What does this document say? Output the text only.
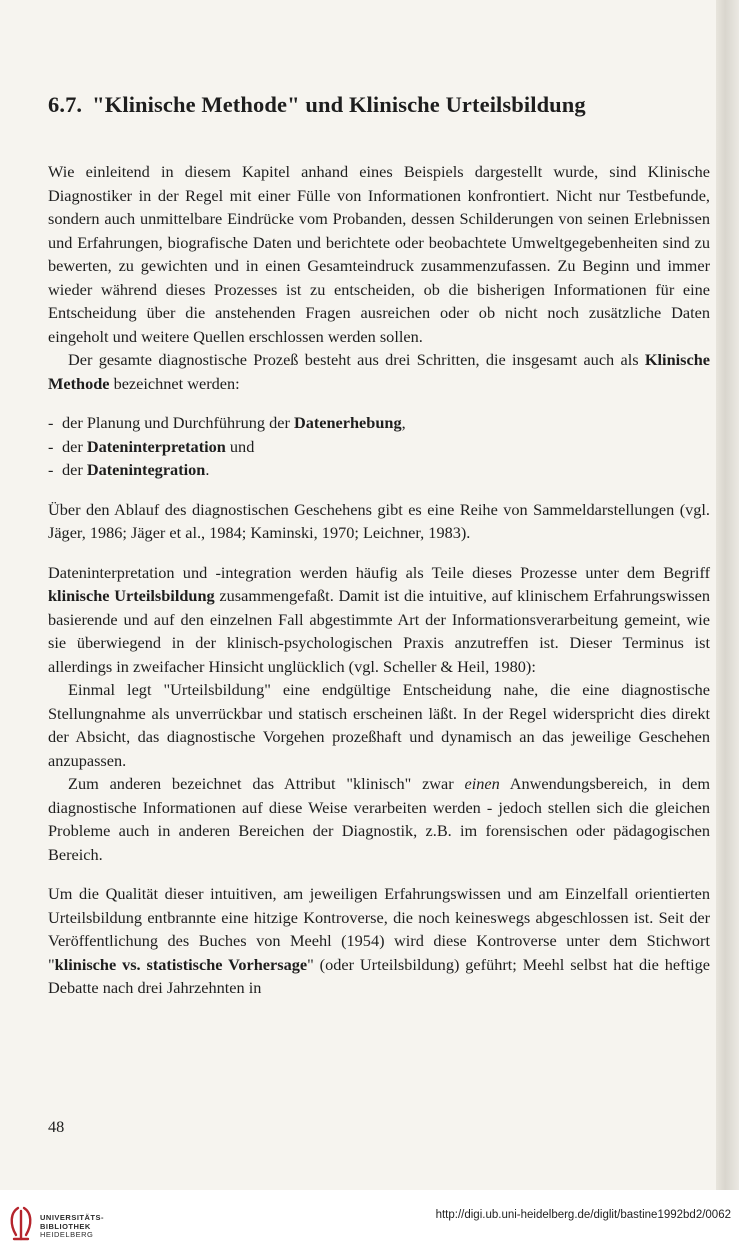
6.7. "Klinische Methode" und Klinische Urteilsbildung

Wie einleitend in diesem Kapitel anhand eines Beispiels dargestellt wurde, sind Klinische Diagnostiker in der Regel mit einer Fülle von Informationen konfrontiert. Nicht nur Testbefunde, sondern auch unmittelbare Eindrücke vom Probanden, dessen Schilderungen von seinen Erlebnissen und Erfahrungen, biografische Daten und berichtete oder beobachtete Umweltgegebenheiten sind zu bewerten, zu gewichten und in einen Gesamteindruck zusammenzufassen. Zu Beginn und immer wieder während dieses Prozesses ist zu entscheiden, ob die bisherigen Informationen für eine Entscheidung über die anstehenden Fragen ausreichen oder ob nicht noch zusätzliche Daten eingeholt und weitere Quellen erschlossen werden sollen.

Der gesamte diagnostische Prozeß besteht aus drei Schritten, die insgesamt auch als Klinische Methode bezeichnet werden:

- der Planung und Durchführung der Datenerhebung,
- der Dateninterpretation und
- der Datenintegration.

Über den Ablauf des diagnostischen Geschehens gibt es eine Reihe von Sammeldarstellungen (vgl. Jäger, 1986; Jäger et al., 1984; Kaminski, 1970; Leichner, 1983).

Dateninterpretation und -integration werden häufig als Teile dieses Prozesse unter dem Begriff klinische Urteilsbildung zusammengefaßt. Damit ist die intuitive, auf klinischem Erfahrungswissen basierende und auf den einzelnen Fall abgestimmte Art der Informationsverarbeitung gemeint, wie sie überwiegend in der klinisch-psychologischen Praxis anzutreffen ist. Dieser Terminus ist allerdings in zweifacher Hinsicht unglücklich (vgl. Scheller & Heil, 1980):

Einmal legt "Urteilsbildung" eine endgültige Entscheidung nahe, die eine diagnostische Stellungnahme als unverrückbar und statisch erscheinen läßt. In der Regel widerspricht dies direkt der Absicht, das diagnostische Vorgehen prozeßhaft und dynamisch an das jeweilige Geschehen anzupassen.

Zum anderen bezeichnet das Attribut "klinisch" zwar einen Anwendungsbereich, in dem diagnostische Informationen auf diese Weise verarbeiten werden - jedoch stellen sich die gleichen Probleme auch in anderen Bereichen der Diagnostik, z.B. im forensischen oder pädagogischen Bereich.

Um die Qualität dieser intuitiven, am jeweiligen Erfahrungswissen und am Einzelfall orientierten Urteilsbildung entbrannte eine hitzige Kontroverse, die noch keineswegs abgeschlossen ist. Seit der Veröffentlichung des Buches von Meehl (1954) wird diese Kontroverse unter dem Stichwort "klinische vs. statistische Vorhersage" (oder Urteilsbildung) geführt; Meehl selbst hat die heftige Debatte nach drei Jahrzehnten in

48
UNIVERSITÄTS-
BIBLIOTHEK
HEIDELBERG
http://digi.ub.uni-heidelberg.de/diglit/bastine1992bd2/0062
